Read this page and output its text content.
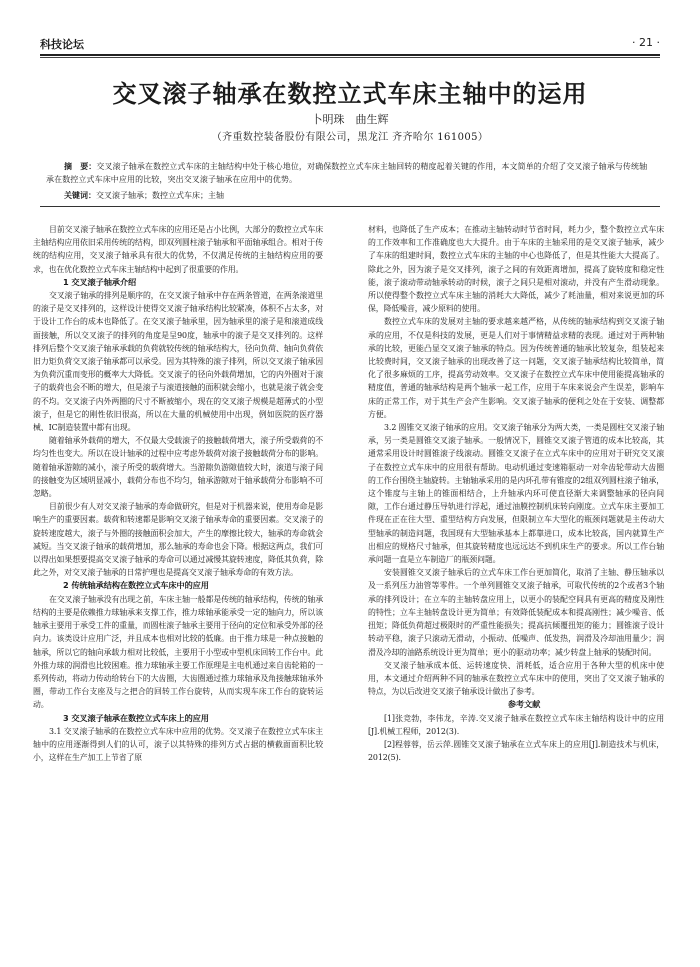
科技论坛	· 21 ·
交叉滚子轴承在数控立式车床主轴中的运用
卜明珠　曲生辉
（齐重数控装备股份有限公司，黑龙江 齐齐哈尔 161005）
摘　要：交叉滚子轴承在数控立式车床的主轴结构中处于核心地位，对确保数控立式车床主轴回转的精度起着关键的作用，本文简单的介绍了交叉滚子轴承与传统轴承在数控立式车床中应用的比较，突出交叉滚子轴承在应用中的优势。
关键词：交叉滚子轴承；数控立式车床；主轴

目前交叉滚子轴承在数控立式车床的应用还是占小比例，大部分的数控立式车床主轴结构应用依旧采用传统的结构，即双列圆柱滚子轴承和平面轴承组合。相对于传统的结构应用，交叉滚子轴承具有很大的优势，不仅满足传统的主轴结构应用的要求，也在优化数控立式车床主轴结构中起到了很重要的作用。

1 交叉滚子轴承介绍

交叉滚子轴承的排列是顺序的，在交叉滚子轴承中存在两条管道，在两条滚道里的滚子是交叉排列的，这样设计使得交叉滚子轴承结构比较紧凑，体积不占太多，对于设计工作台的成本也降低了。在交叉滚子轴承里，因为轴承里的滚子是和滚道成线面接触，所以交叉滚子的排列的角度是呈90度，轴承中的滚子是交叉排列的。这样排列后整个交叉滚子轴承承载的负荷就较传统的轴承结构大，径向负荷、轴向负荷依旧力矩负荷交叉滚子轴承都可以承受。因为其特殊的滚子排列，所以交叉滚子轴承因为负荷沉重而变形的概率大大降低。交叉滚子的径向外载荷增加，它的内外圈对于滚子的载荷也会不断的增大，但是滚子与滚道接触的面积就会缩小，也就是滚子就会变的不均。交叉滚子内外两圈的尺寸不断被缩小，现在的交叉滚子规模是超薄式的小型滚子，但是它的刚性依旧很高，所以在大量的机械使用中出现，例如医院的医疗器械、IC制造装置中都有出现。

随着轴承外载荷的增大，不仅最大受载滚子的接触载荷增大，滚子所受载荷的不均匀性也变大。所以在设计轴承的过程中应考虑外载荷对滚子接触载荷分布的影响。随着轴承游隙的减小，滚子所受的载荷增大。当游隙负游隙值较大时，滚道与滚子间的接触变为区域明显减小，载荷分布也不均匀，轴承游隙对于轴承载荷分布影响不可忽略。

目前很少有人对交叉滚子轴承的寿命做研究，但是对于机器来说，使用寿命是影响生产的重要因素。载荷和转速都是影响交叉滚子轴承寿命的重要因素。交叉滚子的旋转速度越大，滚子与外圈的接触面积会加大，产生的摩擦比较大，轴承的寿命就会减短。当交叉滚子轴承的载荷增加，那么轴承的寿命也会下降。根据这两点，我们可以得出如果想要提高交叉滚子轴承的寿命可以通过减慢其旋转速度，降低其负荷，除此之外，对交叉滚子轴承的日常护理也是提高交叉滚子轴承寿命的有效方法。

2 传统轴承结构在数控立式车床中的应用

在交叉滚子轴承没有出现之前，车床主轴一般都是传统的轴承结构，传统的轴承结构的主要是依赖推力球轴承来支撑工作，推力球轴承能承受一定的轴向力，所以该轴承主要用于承受工件的重量，而圆柱滚子轴承主要用于径向的定位和承受外部的径向力。该类设计应用广泛，并且成本也相对比较的低廉。由于推力球是一种点接触的轴承，所以它的轴向承载力相对比较低，主要用于小型或中型机床回转工作台中。此外推力球的润滑也比较困难。推力球轴承主要工作原理是主电机通过来自齿轮箱的一系列传动，将动力传动给转台下的大齿圈，大齿圈通过推力球轴承及角接触球轴承外圈，带动工作台支座及与之把合的回转工作台旋转，从而实现车床工作台的旋转运动。

3 交叉滚子轴承在数控立式车床上的应用

3.1 交叉滚子轴承的在数控立式车床中应用的优势。交叉滚子在数控立式车床主轴中的应用逐渐得到人们的认可，滚子以其特殊的排列方式占据的横截面面积比较小，这样在生产加工上节省了原

材料，也降低了生产成本；在推动主轴转动时节省时间，耗力少，整个数控立式车床的工作效率和工作准确度也大大提升。由于车床的主轴采用的是交叉滚子轴承，减少了车床的组建时间，数控立式车床的主轴的中心也降低了，但是其性能大大提高了。除此之外，因为滚子是交叉排列，滚子之间的有效距离增加，提高了旋转度和稳定性能，滚子滚动带动轴承转动的时候，滚子之间只是相对滚动，并没有产生滑动现象。所以使得整个数控立式车床主轴的消耗大大降低，减少了耗油量，相对来说更加的环保，降低噪音，减少原料的使用。

数控立式车床的发展对主轴的要求越来越严格，从传统的轴承结构到交叉滚子轴承的应用，不仅是科技的发展，更是人们对于事情精益求精的表现。通过对于两种轴承的比较，更能凸显交叉滚子轴承的特点。因为传统普通的轴承比较复杂，组装起来比较费时间，交叉滚子轴承的出现改善了这一问题，交叉滚子轴承结构比较简单，简化了很多麻烦的工序，提高劳动效率。交叉滚子在数控立式车床中使用能提高轴承的精度值，普通的轴承结构是两个轴承一起工作，应用于车床来说会产生误差，影响车床的正常工作，对于其生产会产生影响。交叉滚子轴承的便利之处在于安装、调整都方便。

3.2 圆锥交叉滚子轴承的应用。交叉滚子轴承分为两大类，一类是圆柱交叉滚子轴承，另一类是圆锥交叉滚子轴承。一般情况下，圆锥交叉滚子管道的成本比较高，其通常采用设计时圆锥滚子线滚动。圆锥交叉滚子在立式车床中的应用对于研究交叉滚子在数控立式车床中的应用很有帮助。电动机通过变速箱驱动一对伞齿轮带动大齿圈的工作台围绕主轴旋转。主轴轴承采用的是内环孔带有锥度的2组双列圆柱滚子轴承，这个锥度与主轴上的锥面相结合，上升轴承内环可使直径渐大来调整轴承的径向间隙，工作台通过静压导轨进行浮起，通过油膜控制机床转向刚度。立式车床主要加工件现在正在往大型、重型结构方向发展，但限制立车大型化的瓶颈问题就是主传动大型轴承的制造问题，我国现有大型轴承基本上都靠进口，成本比较高，国内就算生产出相应的规格尺寸轴承，但其旋转精度也远远达不到机床生产的要求。所以工作台轴承问题一直是立车制造厂的瓶颈问题。

安装圆锥交叉滚子轴承后的立式车床工作台更加简化，取消了主轴、静压轴承以及一系列压力油管等零件。一个单列圆锥交叉滚子轴承，可取代传统的2个或者3个轴承的排列设计；在立车的主轴转盘应用上，以更小的装配空间具有更高的精度及刚性的特性；立车主轴转盘设计更为简单；有效降低装配成本和提高刚性；减少噪音、低扭矩；降低负荷超过极限时的严重性能损失；提高抗倾覆扭矩的能力；圆锥滚子设计转动平稳，滚子只滚动无滑动，小振动、低噪声、低发热，润滑及冷却油用量少；润滑及冷却的油路系统设计更为简单；更小的驱动功率；减少转盘上轴承的装配时间。

交叉滚子轴承成本低、运转速度快、消耗低，适合应用于各种大型的机床中使用，本文通过介绍两种不同的轴承在数控立式车床中的使用，突出了交叉滚子轴承的特点，为以后改进交叉滚子轴承设计做出了参考。

参考文献

[1]张竞勃，李伟龙，辛涛.交叉滚子轴承在数控立式车床主轴结构设计中的应用[J].机械工程师，2012(3).

[2]程蓉蓉，岳云萍.圆锥交叉滚子轴承在立式车床上的应用[J].制造技术与机床，2012(5).
